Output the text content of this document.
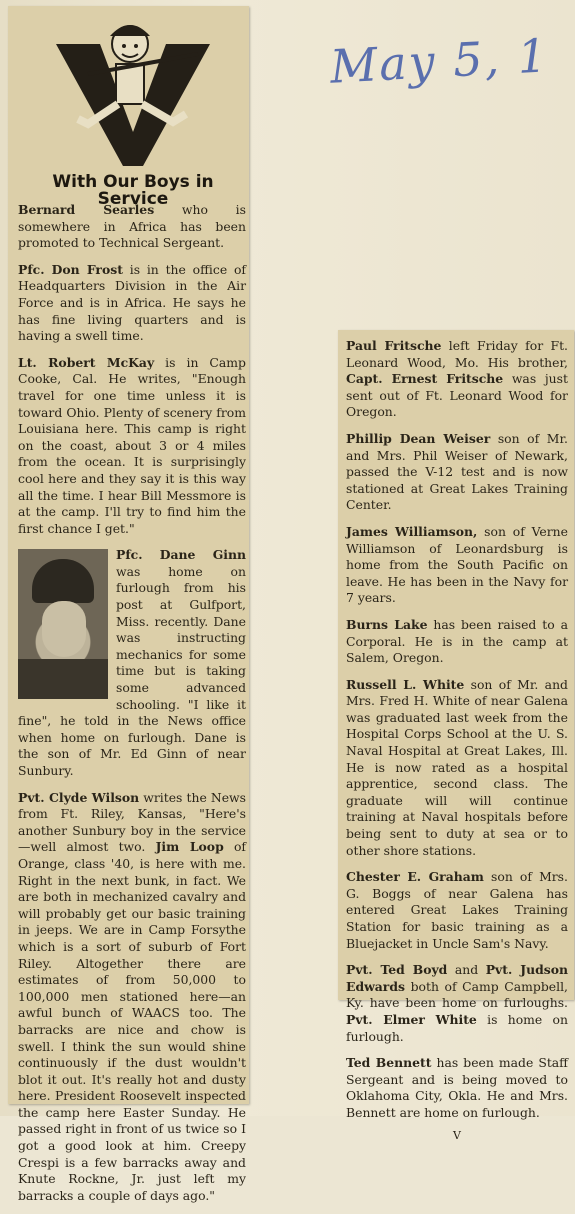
May 5, 1
With Our Boys in Service

Bernard Searles who is somewhere in Africa has been promoted to Technical Sergeant.

Pfc. Don Frost is in the office of Headquarters Division in the Air Force and is in Africa. He says he has fine living quarters and is having a swell time.

Lt. Robert McKay is in Camp Cooke, Cal. He writes, "Enough travel for one time unless it is toward Ohio. Plenty of scenery from Louisiana here. This camp is right on the coast, about 3 or 4 miles from the ocean. It is surprisingly cool here and they say it is this way all the time. I hear Bill Messmore is at the camp. I'll try to find him the first chance I get."

Pfc. Dane Ginn was home on furlough from his post at Gulfport, Miss. recently. Dane was instructing mechanics for some time but is taking some advanced schooling. "I like it fine", he told in the News office when home on furlough. Dane is the son of Mr. Ed Ginn of near Sunbury.

Pvt. Clyde Wilson writes the News from Ft. Riley, Kansas, "Here's another Sunbury boy in the service —well almost two. Jim Loop of Orange, class '40, is here with me. Right in the next bunk, in fact. We are both in mechanized cavalry and will probably get our basic training in jeeps. We are in Camp Forsythe which is a sort of suburb of Fort Riley. Altogether there are estimates of from 50,000 to 100,000 men stationed here—an awful bunch of WAACS too. The barracks are nice and chow is swell. I think the sun would shine continuously if the dust wouldn't blot it out. It's really hot and dusty here. President Roosevelt inspected the camp here Easter Sunday. He passed right in front of us twice so I got a good look at him. Creepy Crespi is a few barracks away and Knute Rockne, Jr. just left my barracks a couple of days ago."

Paul Fritsche left Friday for Ft. Leonard Wood, Mo. His brother, Capt. Ernest Fritsche was just sent out of Ft. Leonard Wood for Oregon.

Phillip Dean Weiser son of Mr. and Mrs. Phil Weiser of Newark, passed the V-12 test and is now stationed at Great Lakes Training Center.

James Williamson, son of Verne Williamson of Leonardsburg is home from the South Pacific on leave. He has been in the Navy for 7 years.

Burns Lake has been raised to a Corporal. He is in the camp at Salem, Oregon.

Russell L. White son of Mr. and Mrs. Fred H. White of near Galena was graduated last week from the Hospital Corps School at the U. S. Naval Hospital at Great Lakes, Ill. He is now rated as a hospital apprentice, second class. The graduate will will continue training at Naval hospitals before being sent to duty at sea or to other shore stations.

Chester E. Graham son of Mrs. G. Boggs of near Galena has entered Great Lakes Training Station for basic training as a Bluejacket in Uncle Sam's Navy.

Pvt. Ted Boyd and Pvt. Judson Edwards both of Camp Campbell, Ky. have been home on furloughs. Pvt. Elmer White is home on furlough.

Ted Bennett has been made Staff Sergeant and is being moved to Oklahoma City, Okla. He and Mrs. Bennett are home on furlough.

V
